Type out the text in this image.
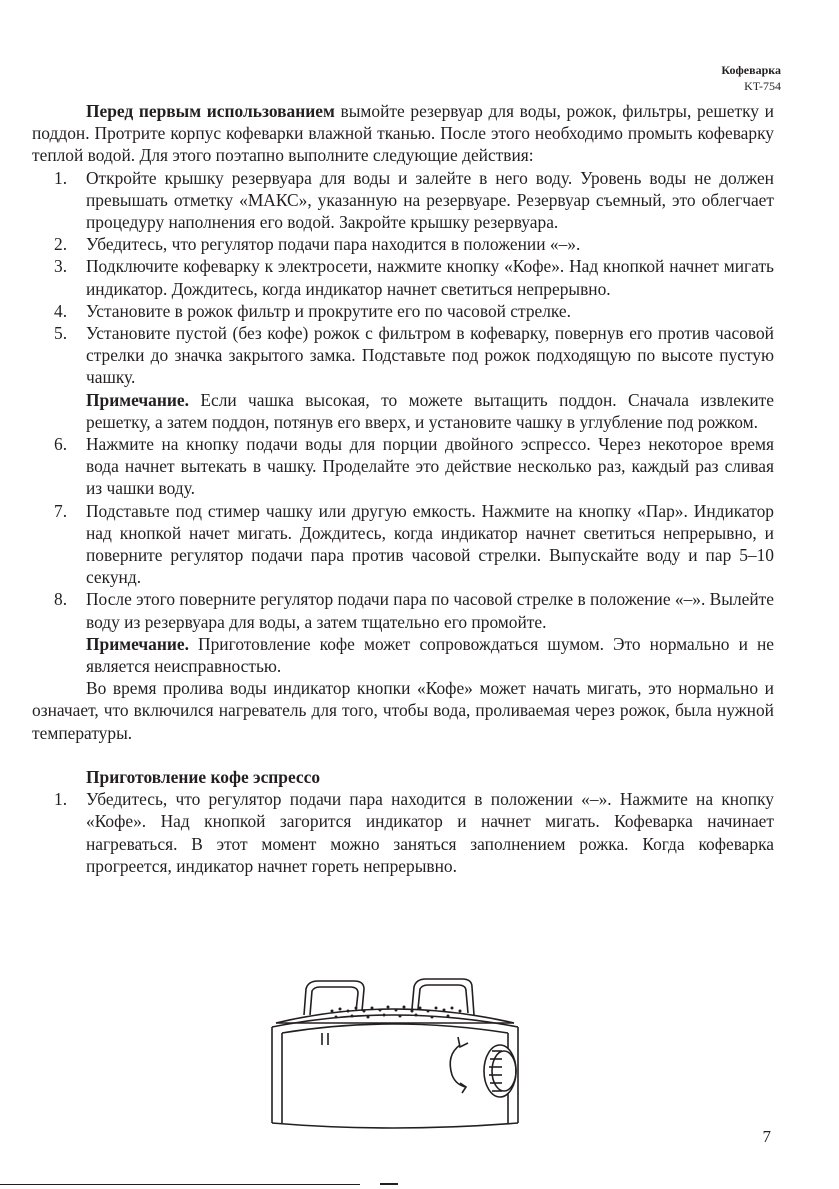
Кофеварка
KT-754

Перед первым использованием вымойте резервуар для воды, рожок, фильтры, решетку и поддон. Протрите корпус кофеварки влажной тканью. После этого необходимо промыть кофеварку теплой водой. Для этого поэтапно выполните следующие действия:

1. Откройте крышку резервуара для воды и залейте в него воду. Уровень воды не должен превышать отметку «МАКС», указанную на резервуаре. Резервуар съемный, это облегчает процедуру наполнения его водой. Закройте крышку резервуара.
2. Убедитесь, что регулятор подачи пара находится в положении «–».
3. Подключите кофеварку к электросети, нажмите кнопку «Кофе». Над кнопкой начнет мигать индикатор. Дождитесь, когда индикатор начнет светиться непрерывно.
4. Установите в рожок фильтр и прокрутите его по часовой стрелке.
5. Установите пустой (без кофе) рожок с фильтром в кофеварку, повернув его против часовой стрелки до значка закрытого замка. Подставьте под рожок подходящую по высоте пустую чашку.

Примечание. Если чашка высокая, то можете вытащить поддон. Сначала извлеките решетку, а затем поддон, потянув его вверх, и установите чашку в углубление под рожком.

6. Нажмите на кнопку подачи воды для порции двойного эспрессо. Через некоторое время вода начнет вытекать в чашку. Проделайте это действие несколько раз, каждый раз сливая из чашки воду.
7. Подставьте под стимер чашку или другую емкость. Нажмите на кнопку «Пар». Индикатор над кнопкой начет мигать. Дождитесь, когда индикатор начнет светиться непрерывно, и поверните регулятор подачи пара против часовой стрелки. Выпускайте воду и пар 5–10 секунд.
8. После этого поверните регулятор подачи пара по часовой стрелке в положение «–». Вылейте воду из резервуара для воды, а затем тщательно его промойте.

Примечание. Приготовление кофе может сопровождаться шумом. Это нормально и не является неисправностью.

Во время пролива воды индикатор кнопки «Кофе» может начать мигать, это нормально и означает, что включился нагреватель для того, чтобы вода, проливаемая через рожок, была нужной температуры.

Приготовление кофе эспрессо
1. Убедитесь, что регулятор подачи пара находится в положении «–». Нажмите на кнопку «Кофе». Над кнопкой загорится индикатор и начнет мигать. Кофеварка начинает нагреваться. В этот момент можно заняться заполнением рожка. Когда кофеварка прогреется, индикатор начнет гореть непрерывно.
7
